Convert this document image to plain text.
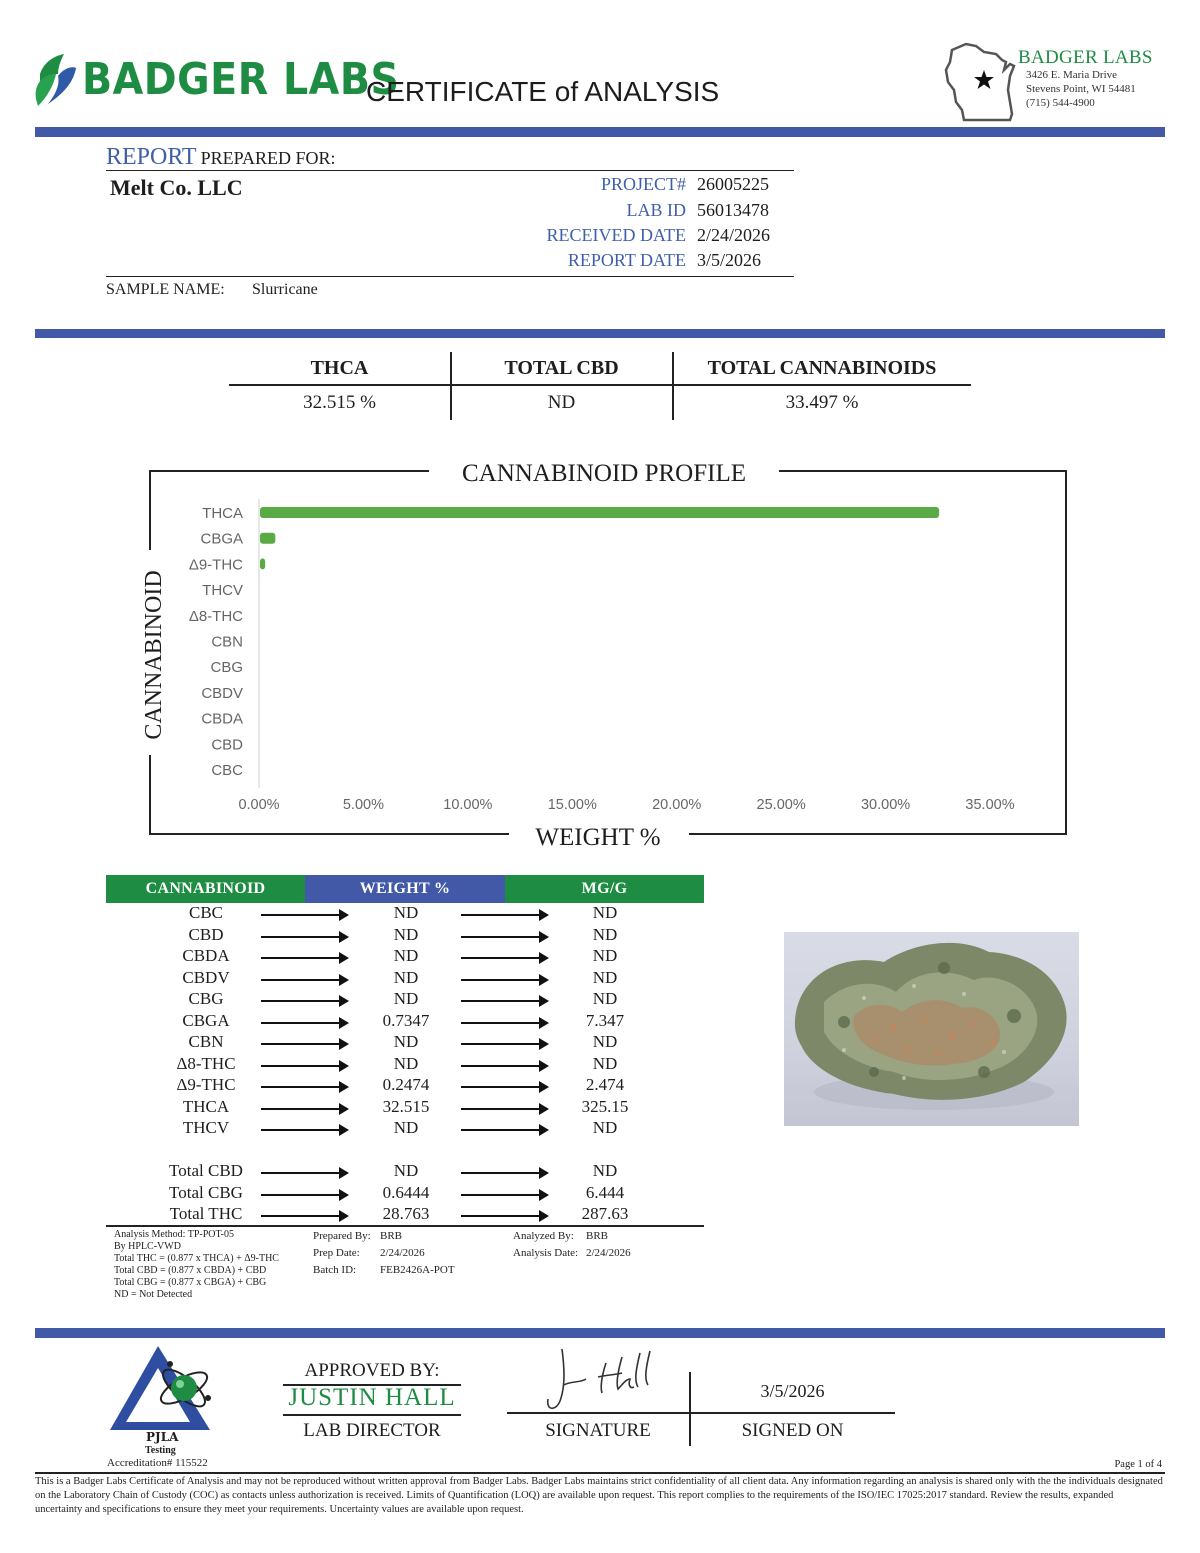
BADGER LABS
CERTIFICATE of ANALYSIS
BADGER LABS
3426 E. Maria Drive
Stevens Point, WI 54481
(715) 544-4900
REPORT PREPARED FOR:
Melt Co. LLC	PROJECT# 26005225
LAB ID 56013478
RECEIVED DATE 2/24/2026
REPORT DATE 3/5/2026
SAMPLE NAME: Slurricane
THCA	TOTAL CBD	TOTAL CANNABINOIDS
32.515 %	ND	33.497 %
CANNABINOID PROFILE
WEIGHT %
CANNABINOID
THCA
CBGA
Δ9-THC
THCV
Δ8-THC
CBN
CBG
CBDV
CBDA
CBD
CBC
0.00%	5.00%	10.00%	15.00%	20.00%	25.00%	30.00%	35.00%
CANNABINOID	WEIGHT %	MG/G
CBC	ND	ND
CBD	ND	ND
CBDA	ND	ND
CBDV	ND	ND
CBG	ND	ND
CBGA	0.7347	7.347
CBN	ND	ND
Δ8-THC	ND	ND
Δ9-THC	0.2474	2.474
THCA	32.515	325.15
THCV	ND	ND
Total CBD	ND	ND
Total CBG	0.6444	6.444
Total THC	28.763	287.63
Analysis Method: TP-POT-05
By HPLC-VWD
Total THC = (0.877 x THCA) + Δ9-THC
Total CBD = (0.877 x CBDA) + CBD
Total CBG = (0.877 x CBGA) + CBG
ND = Not Detected
Prepared By: BRB
Prep Date: 2/24/2026
Batch ID: FEB2426A-POT
Analyzed By: BRB
Analysis Date: 2/24/2026
PJLA
Testing
Accreditation# 115522
APPROVED BY:
JUSTIN HALL
LAB DIRECTOR	SIGNATURE
3/5/2026
SIGNED ON
Page 1 of 4
This is a Badger Labs Certificate of Analysis and may not be reproduced without written approval from Badger Labs. Badger Labs maintains strict confidentiality of all client data. Any information regarding an analysis is shared only with the the individuals designated on the Laboratory Chain of Custody (COC) as contacts unless authorization is received. Limits of Quantification (LOQ) are available upon request. This report complies to the requirements of the ISO/IEC 17025:2017 standard. Review the results, expanded uncertainty and specifications to ensure they meet your requirements. Uncertainty values are available upon request.
